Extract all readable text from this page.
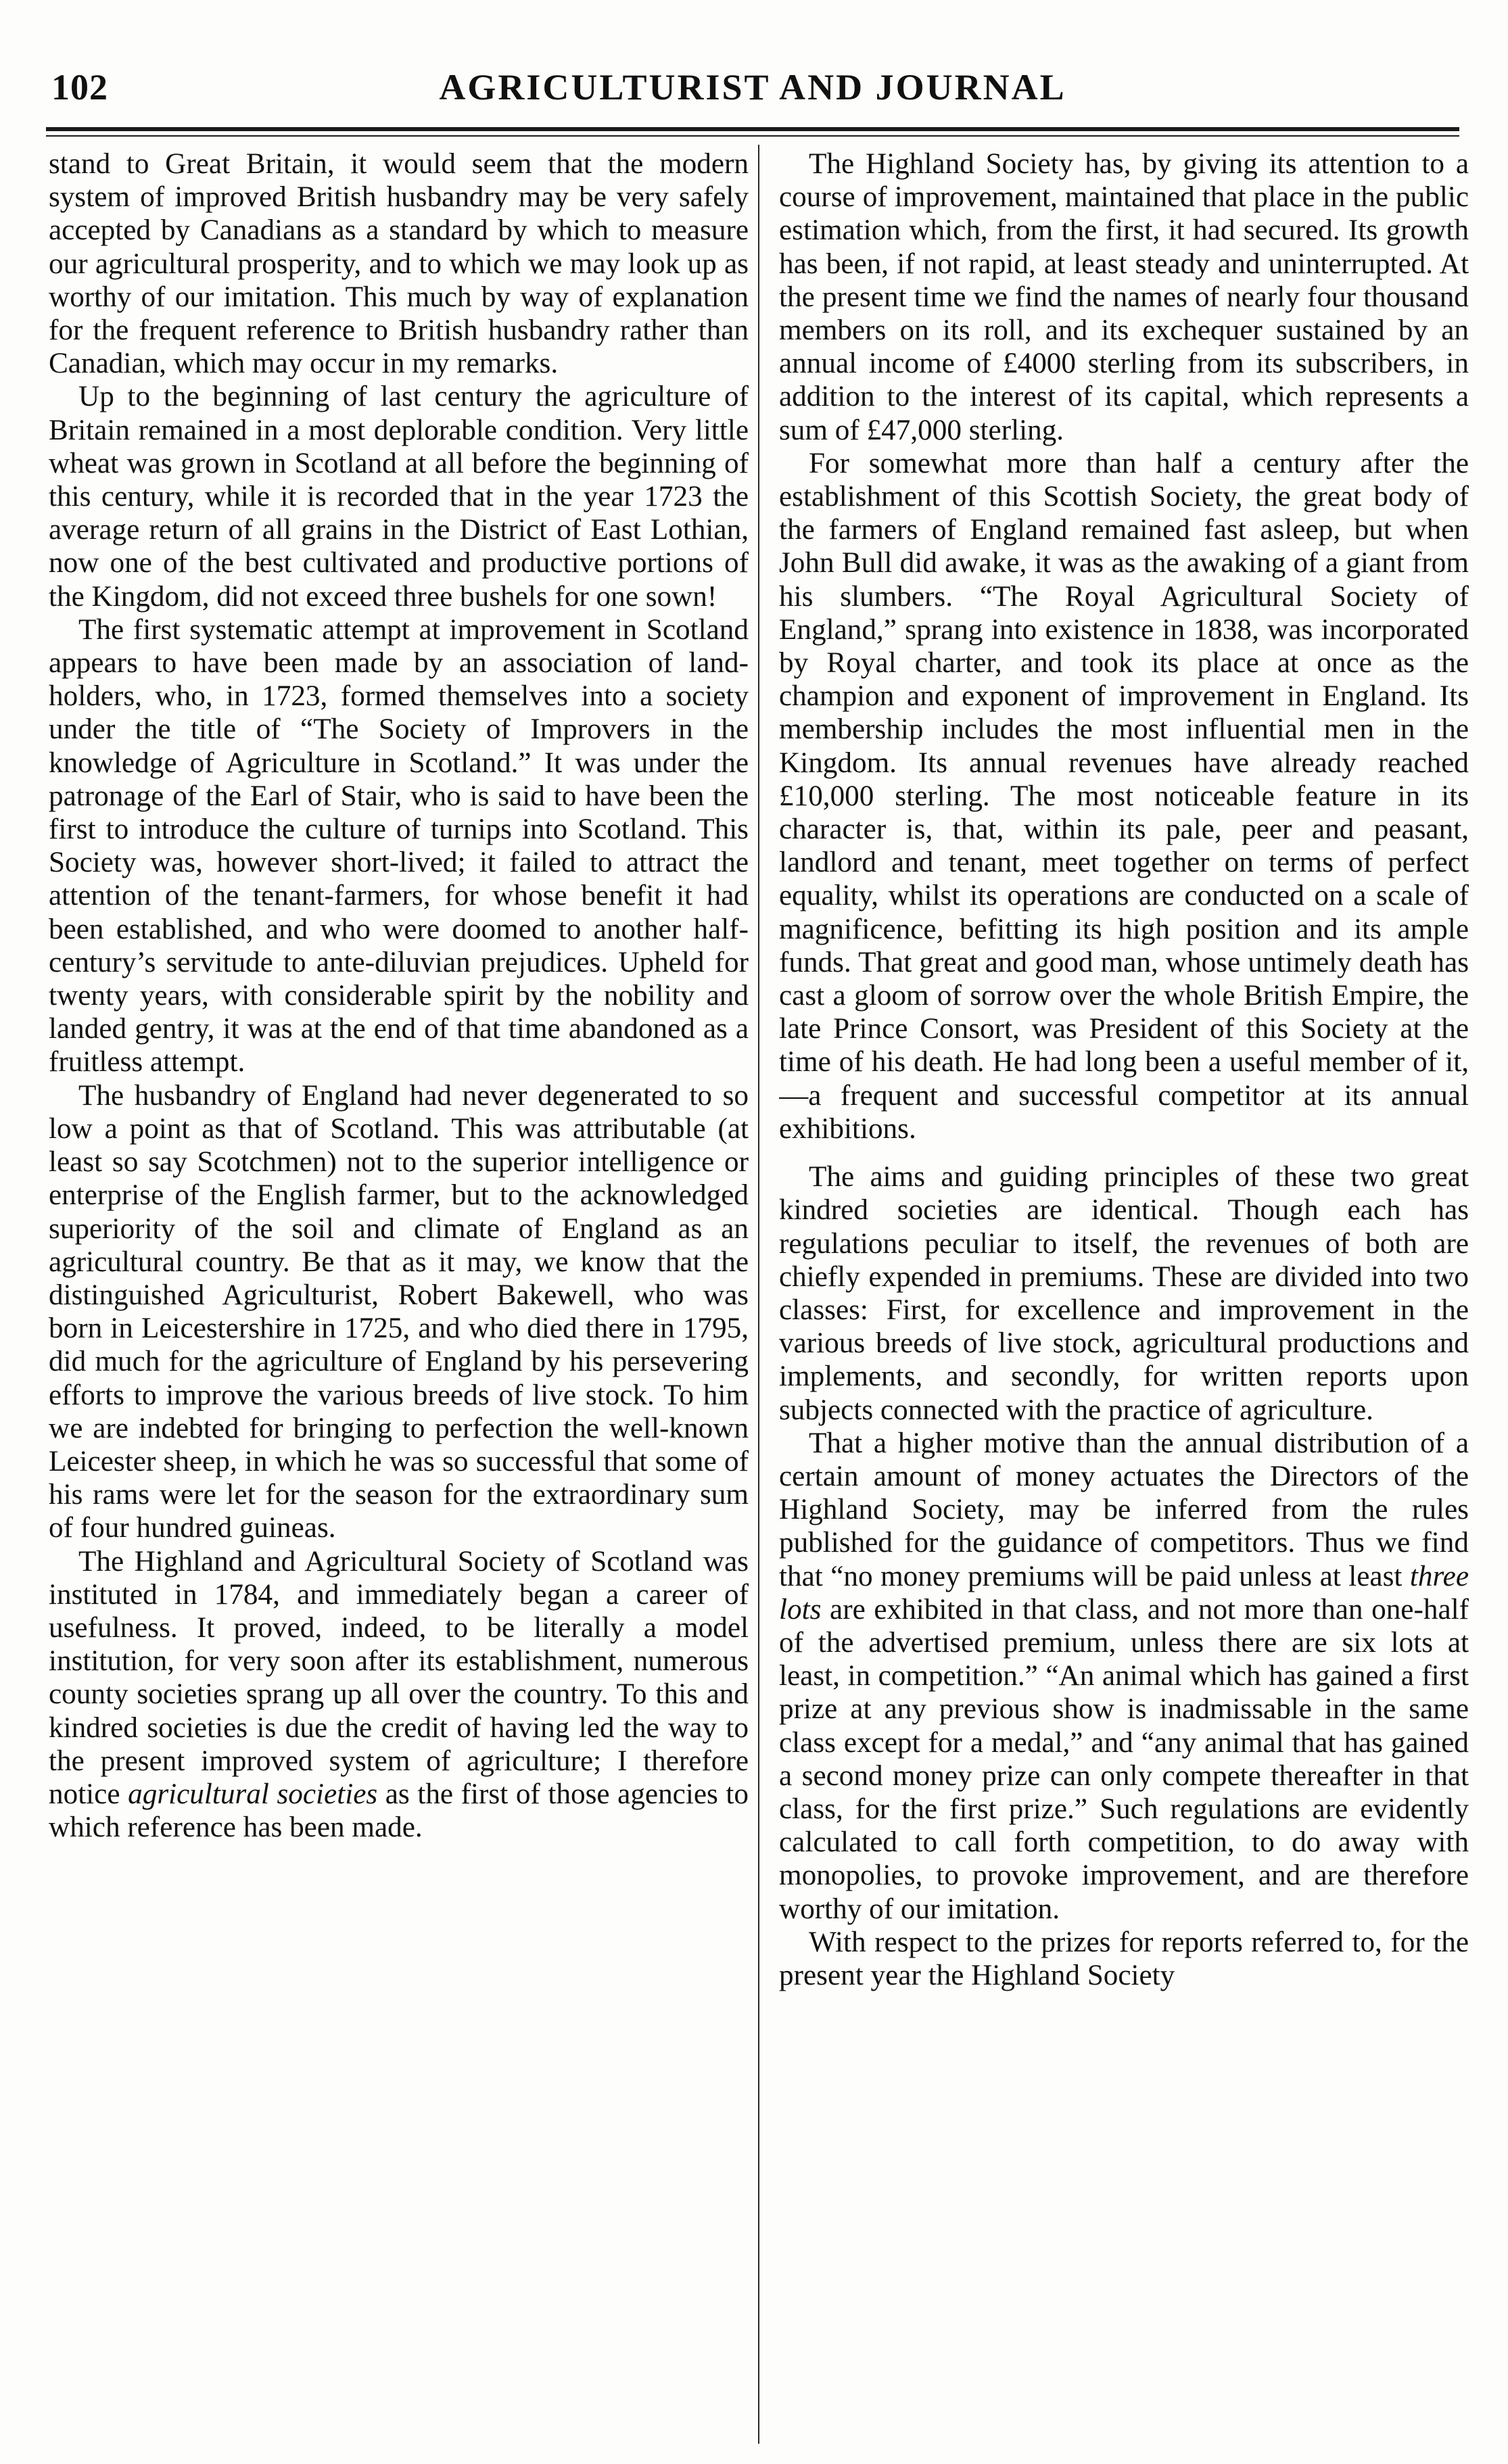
102	AGRICULTURIST AND JOURNAL

stand to Great Britain, it would seem that the modern system of improved British husbandry may be very safely accepted by Canadians as a standard by which to measure our agricultural prosperity, and to which we may look up as worthy of our imitation. This much by way of explanation for the frequent reference to British husbandry rather than Canadian, which may occur in my remarks.

Up to the beginning of last century the agriculture of Britain remained in a most deplorable condition. Very little wheat was grown in Scotland at all before the beginning of this century, while it is recorded that in the year 1723 the average return of all grains in the District of East Lothian, now one of the best cultivated and productive portions of the Kingdom, did not exceed three bushels for one sown!

The first systematic attempt at improvement in Scotland appears to have been made by an association of land-holders, who, in 1723, formed themselves into a society under the title of “The Society of Improvers in the knowledge of Agriculture in Scotland.” It was under the patronage of the Earl of Stair, who is said to have been the first to introduce the culture of turnips into Scotland. This Society was, however short-lived; it failed to attract the attention of the tenant-farmers, for whose benefit it had been established, and who were doomed to another half-century’s servitude to ante-diluvian prejudices. Upheld for twenty years, with considerable spirit by the nobility and landed gentry, it was at the end of that time abandoned as a fruitless attempt.

The husbandry of England had never degenerated to so low a point as that of Scotland. This was attributable (at least so say Scotchmen) not to the superior intelligence or enterprise of the English farmer, but to the acknowledged superiority of the soil and climate of England as an agricultural country. Be that as it may, we know that the distinguished Agriculturist, Robert Bakewell, who was born in Leicestershire in 1725, and who died there in 1795, did much for the agriculture of England by his persevering efforts to improve the various breeds of live stock. To him we are indebted for bringing to perfection the well-known Leicester sheep, in which he was so successful that some of his rams were let for the season for the extraordinary sum of four hundred guineas.

The Highland and Agricultural Society of Scotland was instituted in 1784, and immediately began a career of usefulness. It proved, indeed, to be literally a model institution, for very soon after its establishment, numerous county societies sprang up all over the country. To this and kindred societies is due the credit of having led the way to the present improved system of agriculture; I therefore notice agricultural societies as the first of those agencies to which reference has been made.

The Highland Society has, by giving its attention to a course of improvement, maintained that place in the public estimation which, from the first, it had secured. Its growth has been, if not rapid, at least steady and uninterrupted. At the present time we find the names of nearly four thousand members on its roll, and its exchequer sustained by an annual income of £4000 sterling from its subscribers, in addition to the interest of its capital, which represents a sum of £47,000 sterling.

For somewhat more than half a century after the establishment of this Scottish Society, the great body of the farmers of England remained fast asleep, but when John Bull did awake, it was as the awaking of a giant from his slumbers. “The Royal Agricultural Society of England,” sprang into existence in 1838, was incorporated by Royal charter, and took its place at once as the champion and exponent of improvement in England. Its membership includes the most influential men in the Kingdom. Its annual revenues have already reached £10,000 sterling. The most noticeable feature in its character is, that, within its pale, peer and peasant, landlord and tenant, meet together on terms of perfect equality, whilst its operations are conducted on a scale of magnificence, befitting its high position and its ample funds. That great and good man, whose untimely death has cast a gloom of sorrow over the whole British Empire, the late Prince Consort, was President of this Society at the time of his death. He had long been a useful member of it,—a frequent and successful competitor at its annual exhibitions.

The aims and guiding principles of these two great kindred societies are identical. Though each has regulations peculiar to itself, the revenues of both are chiefly expended in premiums. These are divided into two classes: First, for excellence and improvement in the various breeds of live stock, agricultural productions and implements, and secondly, for written reports upon subjects connected with the practice of agriculture.

That a higher motive than the annual distribution of a certain amount of money actuates the Directors of the Highland Society, may be inferred from the rules published for the guidance of competitors. Thus we find that “no money premiums will be paid unless at least three lots are exhibited in that class, and not more than one-half of the advertised premium, unless there are six lots at least, in competition.” “An animal which has gained a first prize at any previous show is inadmissable in the same class except for a medal,” and “any animal that has gained a second money prize can only compete thereafter in that class, for the first prize.” Such regulations are evidently calculated to call forth competition, to do away with monopolies, to provoke improvement, and are therefore worthy of our imitation.

With respect to the prizes for reports referred to, for the present year the Highland Society
